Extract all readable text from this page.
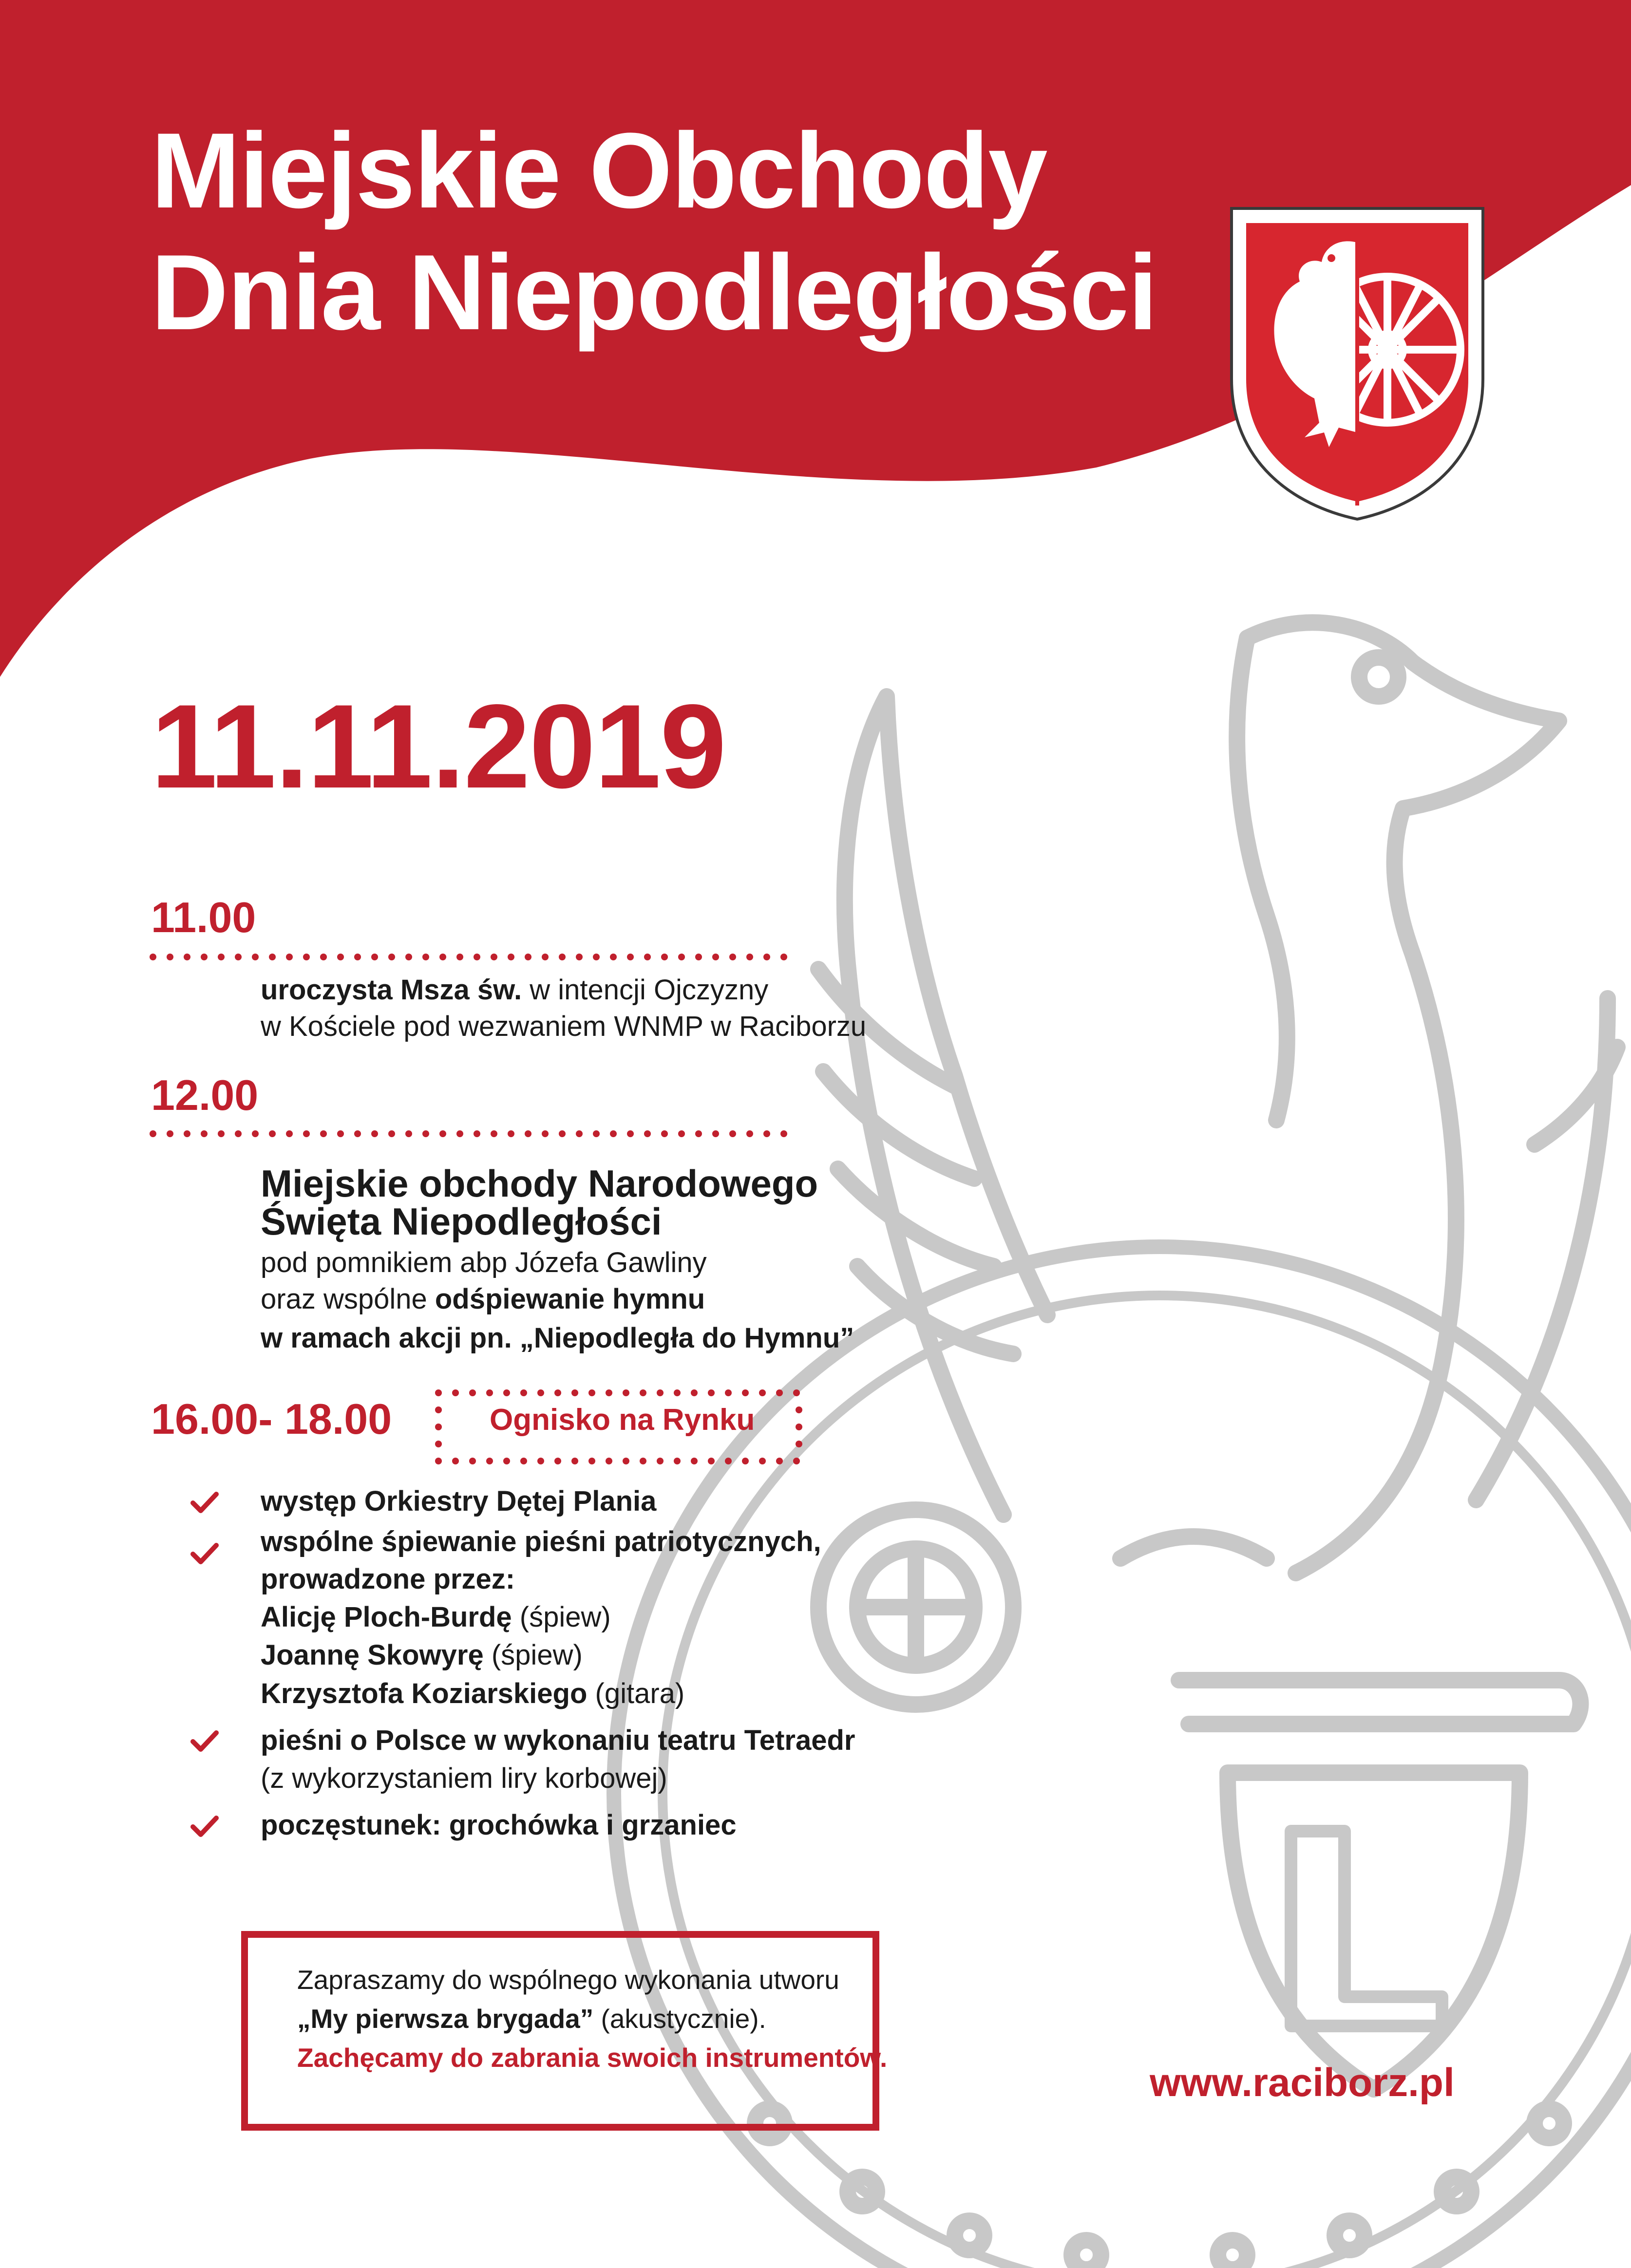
Miejskie Obchody
Dnia Niepodległości
11.11.2019
11.00
uroczysta Msza św. w intencji Ojczyzny
w Kościele pod wezwaniem WNMP w Raciborzu
12.00
Miejskie obchody Narodowego
Święta Niepodległości
pod pomnikiem abp Józefa Gawliny
oraz wspólne odśpiewanie hymnu
w ramach akcji pn. „Niepodległa do Hymnu”
16.00- 18.00	Ognisko na Rynku
występ Orkiestry Dętej Plania
wspólne śpiewanie pieśni patriotycznych,
prowadzone przez:
Alicję Ploch-Burdę (śpiew)
Joannę Skowyrę (śpiew)
Krzysztofa Koziarskiego (gitara)
pieśni o Polsce w wykonaniu teatru Tetraedr
(z wykorzystaniem liry korbowej)
poczęstunek: grochówka i grzaniec
Zapraszamy do wspólnego wykonania utworu
„My pierwsza brygada” (akustycznie).
Zachęcamy do zabrania swoich instrumentów.
www.raciborz.pl
